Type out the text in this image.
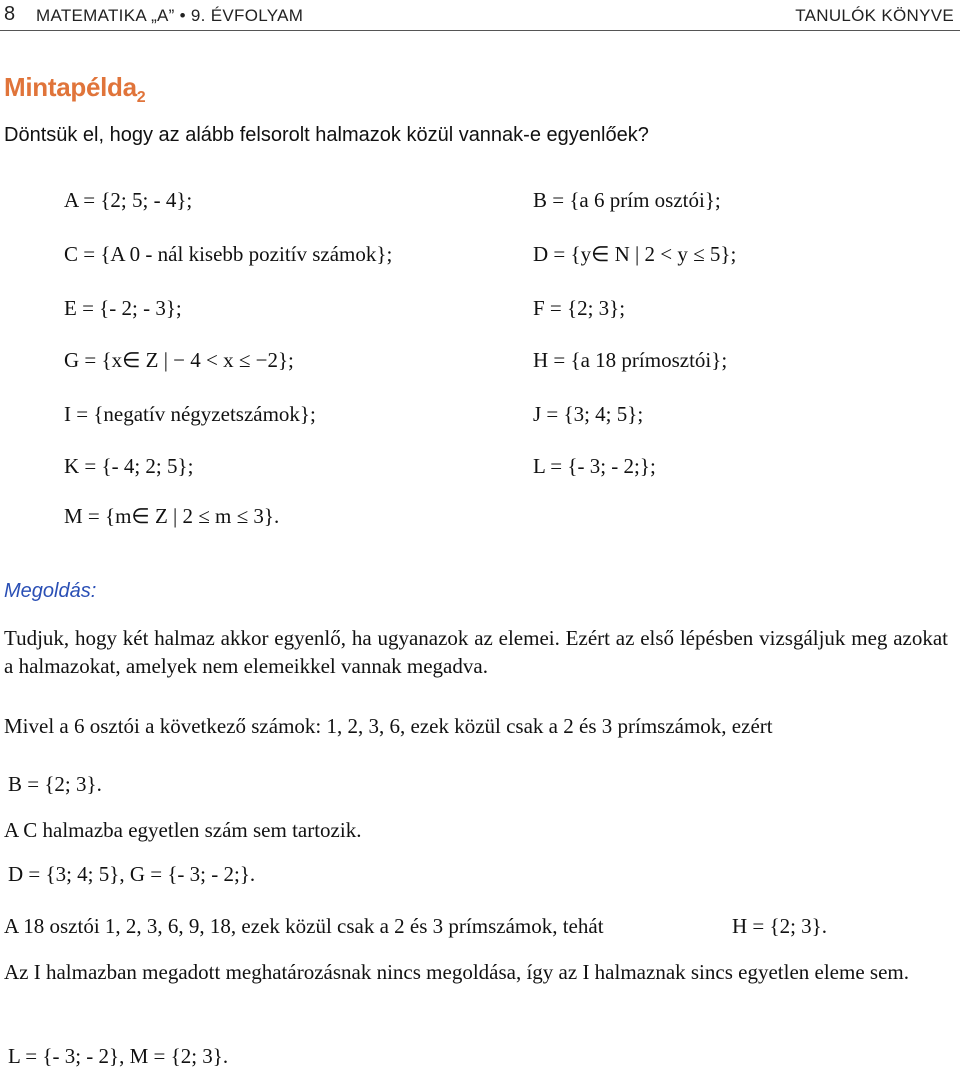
8 MATEMATIKA „A” • 9. ÉVFOLYAM	TANULÓK KÖNYVE
Mintapélda$_2$
Döntsük el, hogy az alább felsorolt halmazok közül vannak-e egyenlőek?
A = {2; 5; - 4};	B = {a 6 prím osztói};
C = {A 0 - nál kisebb pozitív számok};	D = {y∈ N | 2 < y ≤ 5};
E = {- 2; - 3};	F = {2; 3};
G = {x∈ Z | − 4 < x ≤ −2};	H = {a 18 prímosztói};
I = {negatív négyzetszámok};	J = {3; 4; 5};
K = {- 4; 2; 5};	L = {- 3; - 2;};
M = {m∈ Z | 2 ≤ m ≤ 3}.
Megoldás:
Tudjuk, hogy két halmaz akkor egyenlő, ha ugyanazok az elemei. Ezért az első lépésben vizsgáljuk meg azokat a halmazokat, amelyek nem elemeikkel vannak megadva.
Mivel a 6 osztói a következő számok: 1, 2, 3, 6, ezek közül csak a 2 és 3 prímszámok, ezért
B = {2; 3}.
A C halmazba egyetlen szám sem tartozik.
D = {3; 4; 5}, G = {- 3; - 2;}.
A 18 osztói 1, 2, 3, 6, 9, 18, ezek közül csak a 2 és 3 prímszámok, tehát	H = {2; 3}.
Az I halmazban megadott meghatározásnak nincs megoldása, így az I halmaznak sincs egyetlen eleme sem.
L = {- 3; - 2}, M = {2; 3}.
